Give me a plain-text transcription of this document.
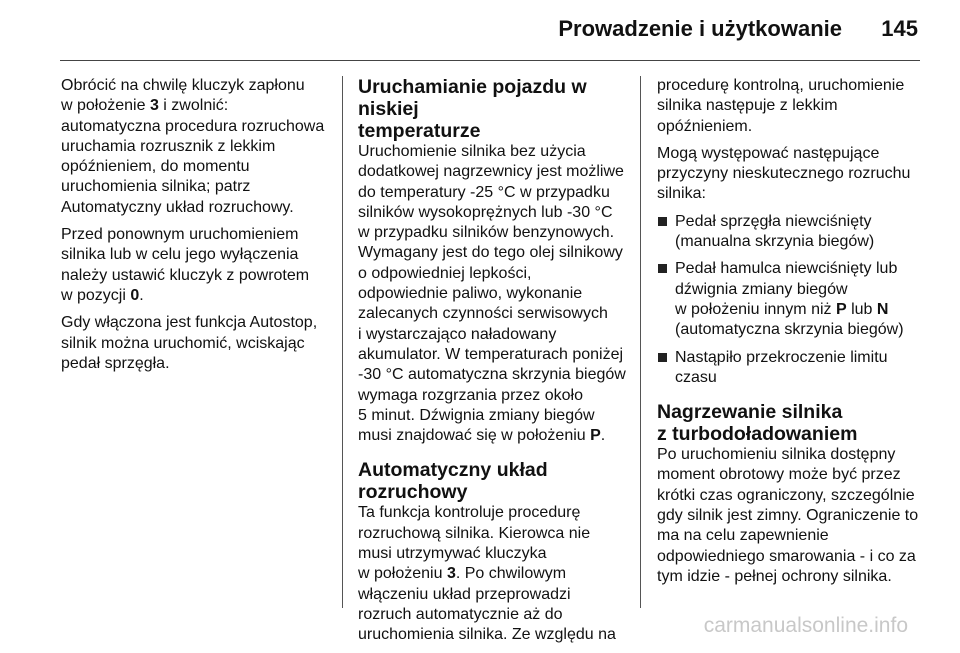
Prowadzenie i użytkowanie 145

Obrócić na chwilę kluczyk zapłonu
w położenie 3 i zwolnić:
automatyczna procedura rozruchowa
uruchamia rozrusznik z lekkim
opóźnieniem, do momentu
uruchomienia silnika; patrz
Automatyczny układ rozruchowy.

Przed ponownym uruchomieniem
silnika lub w celu jego wyłączenia
należy ustawić kluczyk z powrotem
w pozycji 0.

Gdy włączona jest funkcja Autostop,
silnik można uruchomić, wciskając
pedał sprzęgła.

Uruchamianie pojazdu w niskiej
temperaturze

Uruchomienie silnika bez użycia
dodatkowej nagrzewnicy jest możliwe
do temperatury -25 °C w przypadku
silników wysokoprężnych lub -30 °C
w przypadku silników benzynowych.
Wymagany jest do tego olej silnikowy
o odpowiedniej lepkości,
odpowiednie paliwo, wykonanie
zalecanych czynności serwisowych
i wystarczająco naładowany
akumulator. W temperaturach poniżej
-30 °C automatyczna skrzynia biegów
wymaga rozgrzania przez około
5 minut. Dźwignia zmiany biegów
musi znajdować się w położeniu P.

Automatyczny układ
rozruchowy

Ta funkcja kontroluje procedurę
rozruchową silnika. Kierowca nie
musi utrzymywać kluczyka
w położeniu 3. Po chwilowym
włączeniu układ przeprowadzi
rozruch automatycznie aż do
uruchomienia silnika. Ze względu na

procedurę kontrolną, uruchomienie
silnika następuje z lekkim
opóźnieniem.

Mogą występować następujące
przyczyny nieskutecznego rozruchu
silnika:

Pedał sprzęgła niewciśnięty
(manualna skrzynia biegów)
Pedał hamulca niewciśnięty lub
dźwignia zmiany biegów
w położeniu innym niż P lub N
(automatyczna skrzynia biegów)
Nastąpiło przekroczenie limitu
czasu
Nagrzewanie silnika
z turbodoładowaniem

Po uruchomieniu silnika dostępny
moment obrotowy może być przez
krótki czas ograniczony, szczególnie
gdy silnik jest zimny. Ograniczenie to
ma na celu zapewnienie
odpowiedniego smarowania - i co za
tym idzie - pełnej ochrony silnika.

carmanualsonline.info
